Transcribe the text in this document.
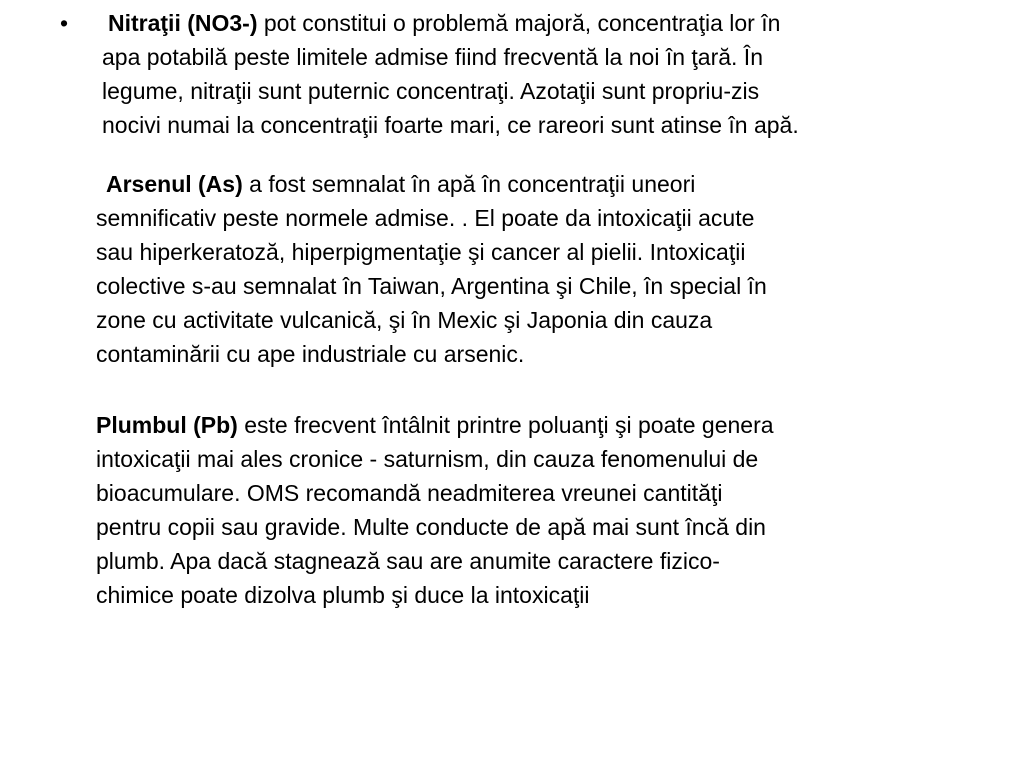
• Nitraţii (NO3-) pot constitui o problemă majoră, concentraţia lor în
apa potabilă peste limitele admise fiind frecventă la noi în ţară. În
legume, nitraţii sunt puternic concentraţi. Azotaţii sunt propriu-zis
nocivi numai la concentraţii foarte mari, ce rareori sunt atinse în apă.
Arsenul (As) a fost semnalat în apă în concentraţii uneori
semnificativ peste normele admise. . El poate da intoxicaţii acute
sau hiperkeratoză, hiperpigmentaţie şi cancer al pielii. Intoxicaţii
colective s-au semnalat în Taiwan, Argentina şi Chile, în special în
zone cu activitate vulcanică, şi în Mexic şi Japonia din cauza
contaminării cu ape industriale cu arsenic.
Plumbul (Pb) este frecvent întâlnit printre poluanţi şi poate genera
intoxicaţii mai ales cronice - saturnism, din cauza fenomenului de
bioacumulare. OMS recomandă neadmiterea vreunei cantităţi
pentru copii sau gravide. Multe conducte de apă mai sunt încă din
plumb. Apa dacă stagnează sau are anumite caractere fizico-
chimice poate dizolva plumb şi duce la intoxicaţii
